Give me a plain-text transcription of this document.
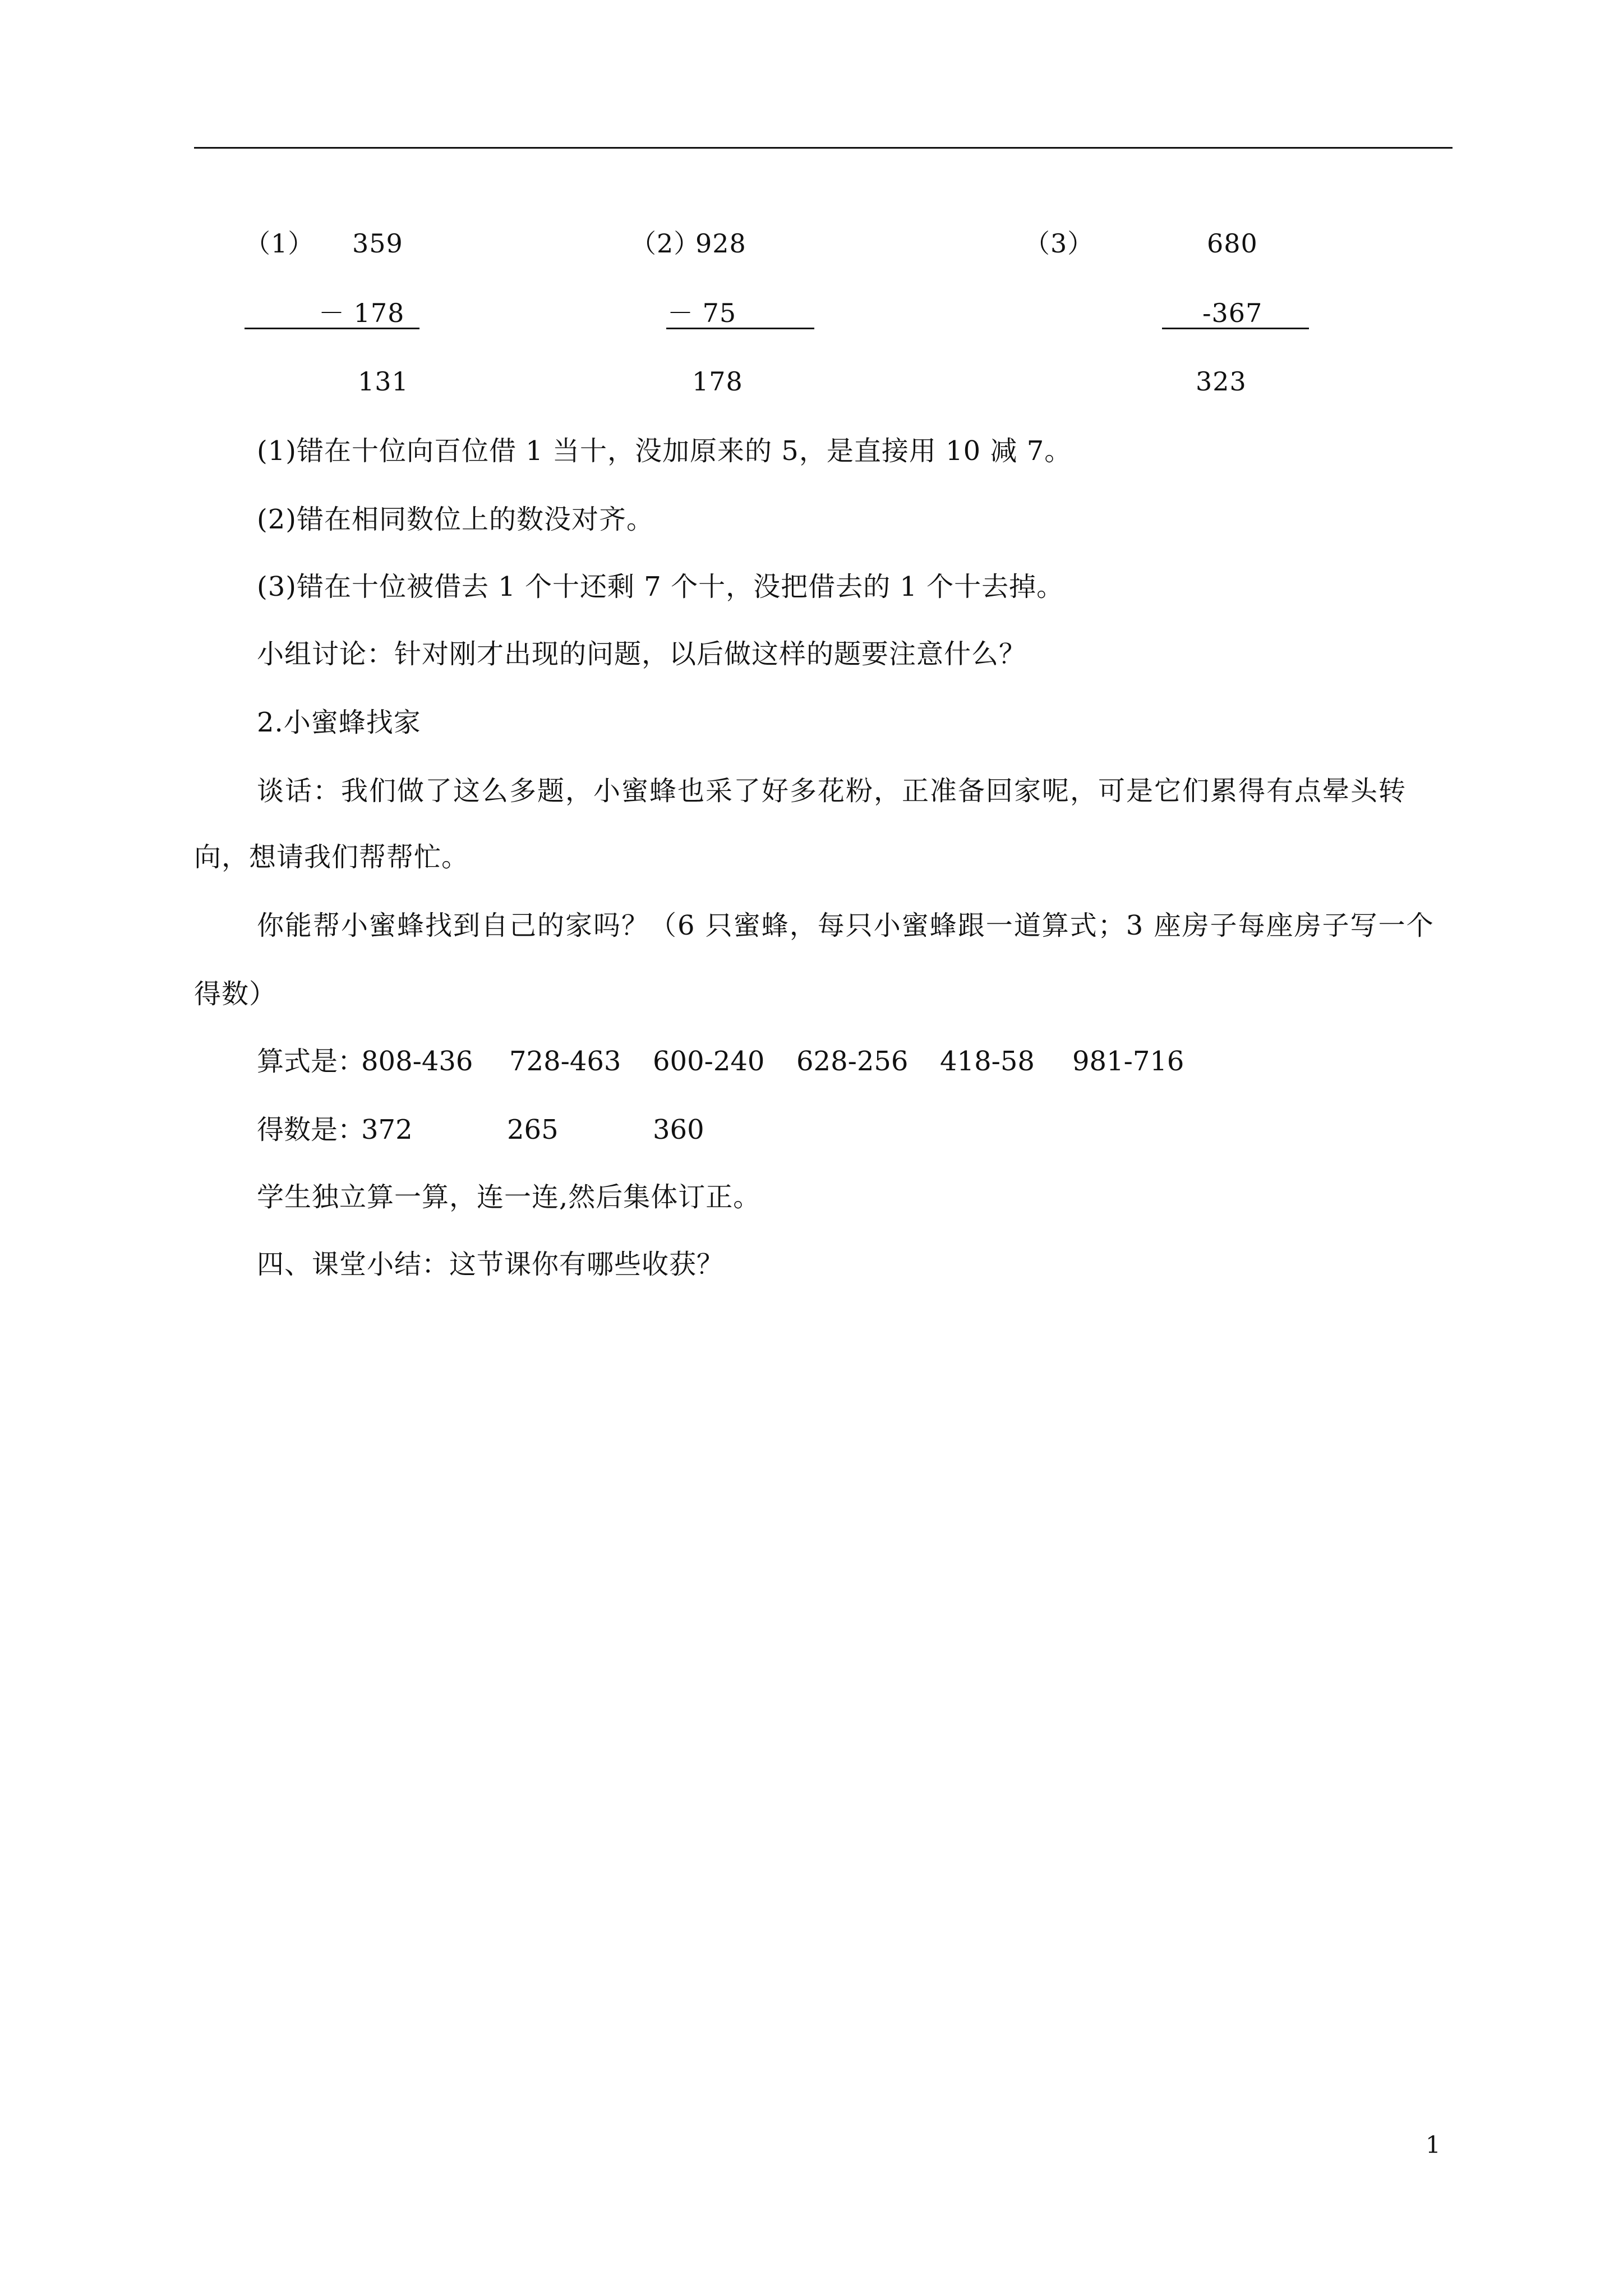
（1） 359
－ 178
131
（2）
928
－ 75
178
（3）	680
-367
323
(1)错在十位向百位借 1 当十，没加原来的 5，是直接用 10 减 7。
(2)错在相同数位上的数没对齐。
(3)错在十位被借去 1 个十还剩 7 个十，没把借去的 1 个十去掉。
小组讨论：针对刚才出现的问题，以后做这样的题要注意什么？
2.小蜜蜂找家
谈话：我们做了这么多题，小蜜蜂也采了好多花粉，正准备回家呢，可是它们累得有点晕头转
向，想请我们帮帮忙。
你能帮小蜜蜂找到自己的家吗？（6 只蜜蜂，每只小蜜蜂跟一道算式；3 座房子每座房子写一个
得数）
算式是：
808-436 728-463 600-240 628-256 418-58 981-716
得数是：
372	265	360
学生独立算一算，连一连,然后集体订正。
四、课堂小结：这节课你有哪些收获？
1
